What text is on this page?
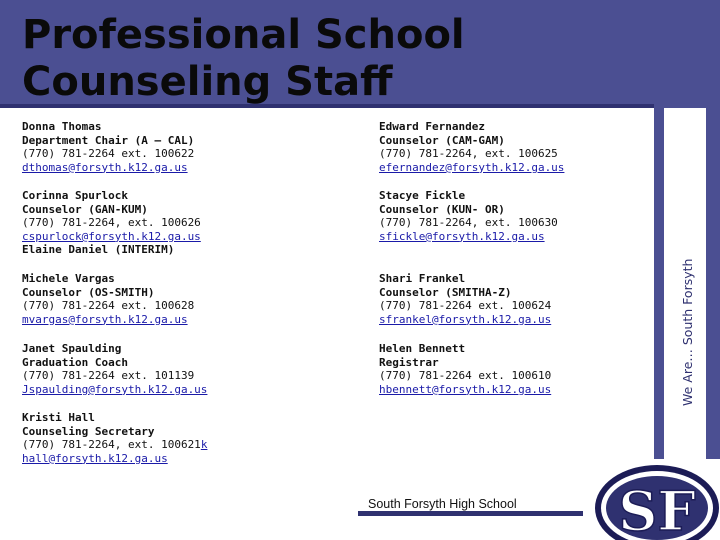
Professional School
Counseling Staff
We Are… South Forsyth
Donna Thomas
Department Chair (A – CAL)
(770) 781-2264 ext. 100622
dthomas@forsyth.k12.ga.us
Edward Fernandez
Counselor (CAM-GAM)
(770) 781-2264, ext. 100625
efernandez@forsyth.k12.ga.us
Corinna Spurlock
Counselor (GAN-KUM)
(770) 781-2264, ext. 100626
cspurlock@forsyth.k12.ga.us
Elaine Daniel (INTERIM)
Stacye Fickle
Counselor (KUN- OR)
(770) 781-2264, ext. 100630
sfickle@forsyth.k12.ga.us
Michele Vargas
Counselor (OS-SMITH)
(770) 781-2264 ext. 100628
mvargas@forsyth.k12.ga.us
Shari Frankel
Counselor (SMITHA-Z)
(770) 781-2264 ext. 100624
sfrankel@forsyth.k12.ga.us
Janet Spaulding
Graduation Coach
(770) 781-2264 ext. 101139
Jspaulding@forsyth.k12.ga.us
Helen Bennett
Registrar
(770) 781-2264 ext. 100610
hbennett@forsyth.k12.ga.us
Kristi Hall
Counseling Secretary
(770) 781-2264, ext. 100621k
hall@forsyth.k12.ga.us
South Forsyth High School SF
